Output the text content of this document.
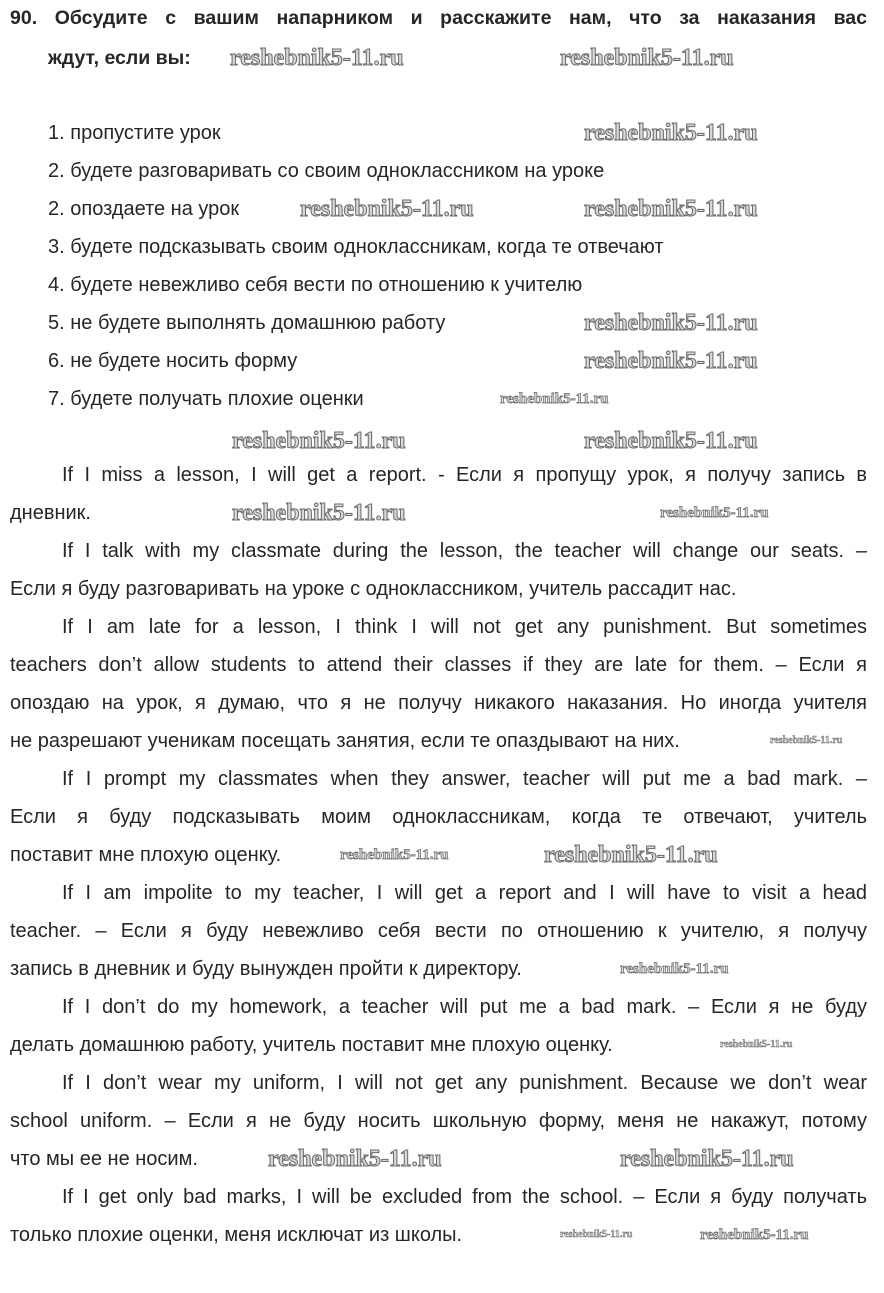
90. Обсудите с вашим напарником и расскажите нам, что за наказания вас
ждут, если вы:
1. пропустите урок
2. будете разговаривать со своим одноклассником на уроке
2. опоздаете на урок
3. будете подсказывать своим одноклассникам, когда те отвечают
4. будете невежливо себя вести по отношению к учителю
5. не будете выполнять домашнюю работу
6. не будете носить форму
7. будете получать плохие оценки
If I miss a lesson, I will get a report. - Если я пропущу урок, я получу запись в
дневник.
If I talk with my classmate during the lesson, the teacher will change our seats. –
Если я буду разговаривать на уроке с одноклассником, учитель рассадит нас.
If I am late for a lesson, I think I will not get any punishment. But sometimes
teachers don’t allow students to attend their classes if they are late for them. – Если я
опоздаю на урок, я думаю, что я не получу никакого наказания. Но иногда учителя
не разрешают ученикам посещать занятия, если те опаздывают на них.
If I prompt my classmates when they answer, teacher will put me a bad mark. –
Если я буду подсказывать моим одноклассникам, когда те отвечают, учитель
поставит мне плохую оценку.
If I am impolite to my teacher, I will get a report and I will have to visit a head
teacher. – Если я буду невежливо себя вести по отношению к учителю, я получу
запись в дневник и буду вынужден пройти к директору.
If I don’t do my homework, a teacher will put me a bad mark. – Если я не буду
делать домашнюю работу, учитель поставит мне плохую оценку.
If I don’t wear my uniform, I will not get any punishment. Because we don’t wear
school uniform. – Если я не буду носить школьную форму, меня не накажут, потому
что мы ее не носим.
If I get only bad marks, I will be excluded from the school. – Если я буду получать
только плохие оценки, меня исключат из школы.
reshebnik5-11.ru	reshebnik5-11.ru
reshebnik5-11.ru
reshebnik5-11.ru	reshebnik5-11.ru
reshebnik5-11.ru
reshebnik5-11.ru
reshebnik5-11.ru
reshebnik5-11.ru	reshebnik5-11.ru
reshebnik5-11.ru	reshebnik5-11.ru
reshebnik5-11.ru
reshebnik5-11.ru	reshebnik5-11.ru
reshebnik5-11.ru
reshebnik5-11.ru
reshebnik5-11.ru	reshebnik5-11.ru
reshebnik5-11.ru	reshebnik5-11.ru
